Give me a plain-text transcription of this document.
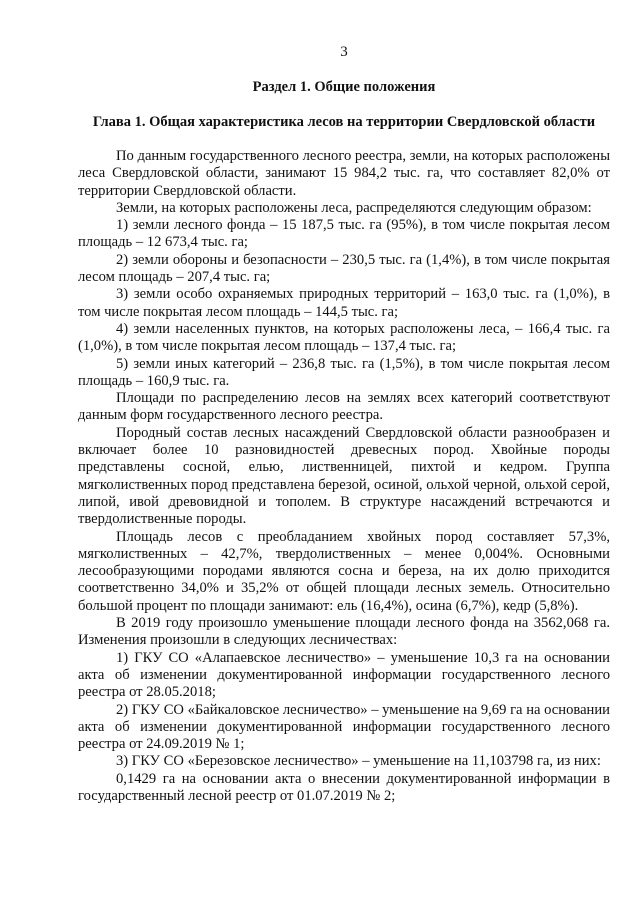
3
Раздел 1. Общие положения
Глава 1. Общая характеристика лесов на территории Свердловской области

По данным государственного лесного реестра, земли, на которых расположены леса Свердловской области, занимают 15 984,2 тыс. га, что составляет 82,0% от территории Свердловской области.

Земли, на которых расположены леса, распределяются следующим образом:

1) земли лесного фонда – 15 187,5 тыс. га (95%), в том числе покрытая лесом площадь – 12 673,4 тыс. га;

2) земли обороны и безопасности – 230,5 тыс. га (1,4%), в том числе покрытая лесом площадь – 207,4 тыс. га;

3) земли особо охраняемых природных территорий – 163,0 тыс. га (1,0%), в том числе покрытая лесом площадь – 144,5 тыс. га;

4) земли населенных пунктов, на которых расположены леса, – 166,4 тыс. га (1,0%), в том числе покрытая лесом площадь – 137,4 тыс. га;

5) земли иных категорий – 236,8 тыс. га (1,5%), в том числе покрытая лесом площадь – 160,9 тыс. га.

Площади по распределению лесов на землях всех категорий соответствуют данным форм государственного лесного реестра.

Породный состав лесных насаждений Свердловской области разнообразен и включает более 10 разновидностей древесных пород. Хвойные породы представлены сосной, елью, лиственницей, пихтой и кедром. Группа мягколиственных пород представлена березой, осиной, ольхой черной, ольхой серой, липой, ивой древовидной и тополем. В структуре насаждений встречаются и твердолиственные породы.

Площадь лесов с преобладанием хвойных пород составляет 57,3%, мягколиственных – 42,7%, твердолиственных – менее 0,004%. Основными лесообразующими породами являются сосна и береза, на их долю приходится соответственно 34,0% и 35,2% от общей площади лесных земель. Относительно большой процент по площади занимают: ель (16,4%), осина (6,7%), кедр (5,8%).

В 2019 году произошло уменьшение площади лесного фонда на 3562,068 га. Изменения произошли в следующих лесничествах:

1) ГКУ СО «Алапаевское лесничество» – уменьшение 10,3 га на основании акта об изменении документированной информации государственного лесного реестра от 28.05.2018;

2) ГКУ СО «Байкаловское лесничество» – уменьшение на 9,69 га на основании акта об изменении документированной информации государственного лесного реестра от 24.09.2019 № 1;

3) ГКУ СО «Березовское лесничество» – уменьшение на 11,103798 га, из них:

0,1429 га на основании акта о внесении документированной информации в государственный лесной реестр от 01.07.2019 № 2;
